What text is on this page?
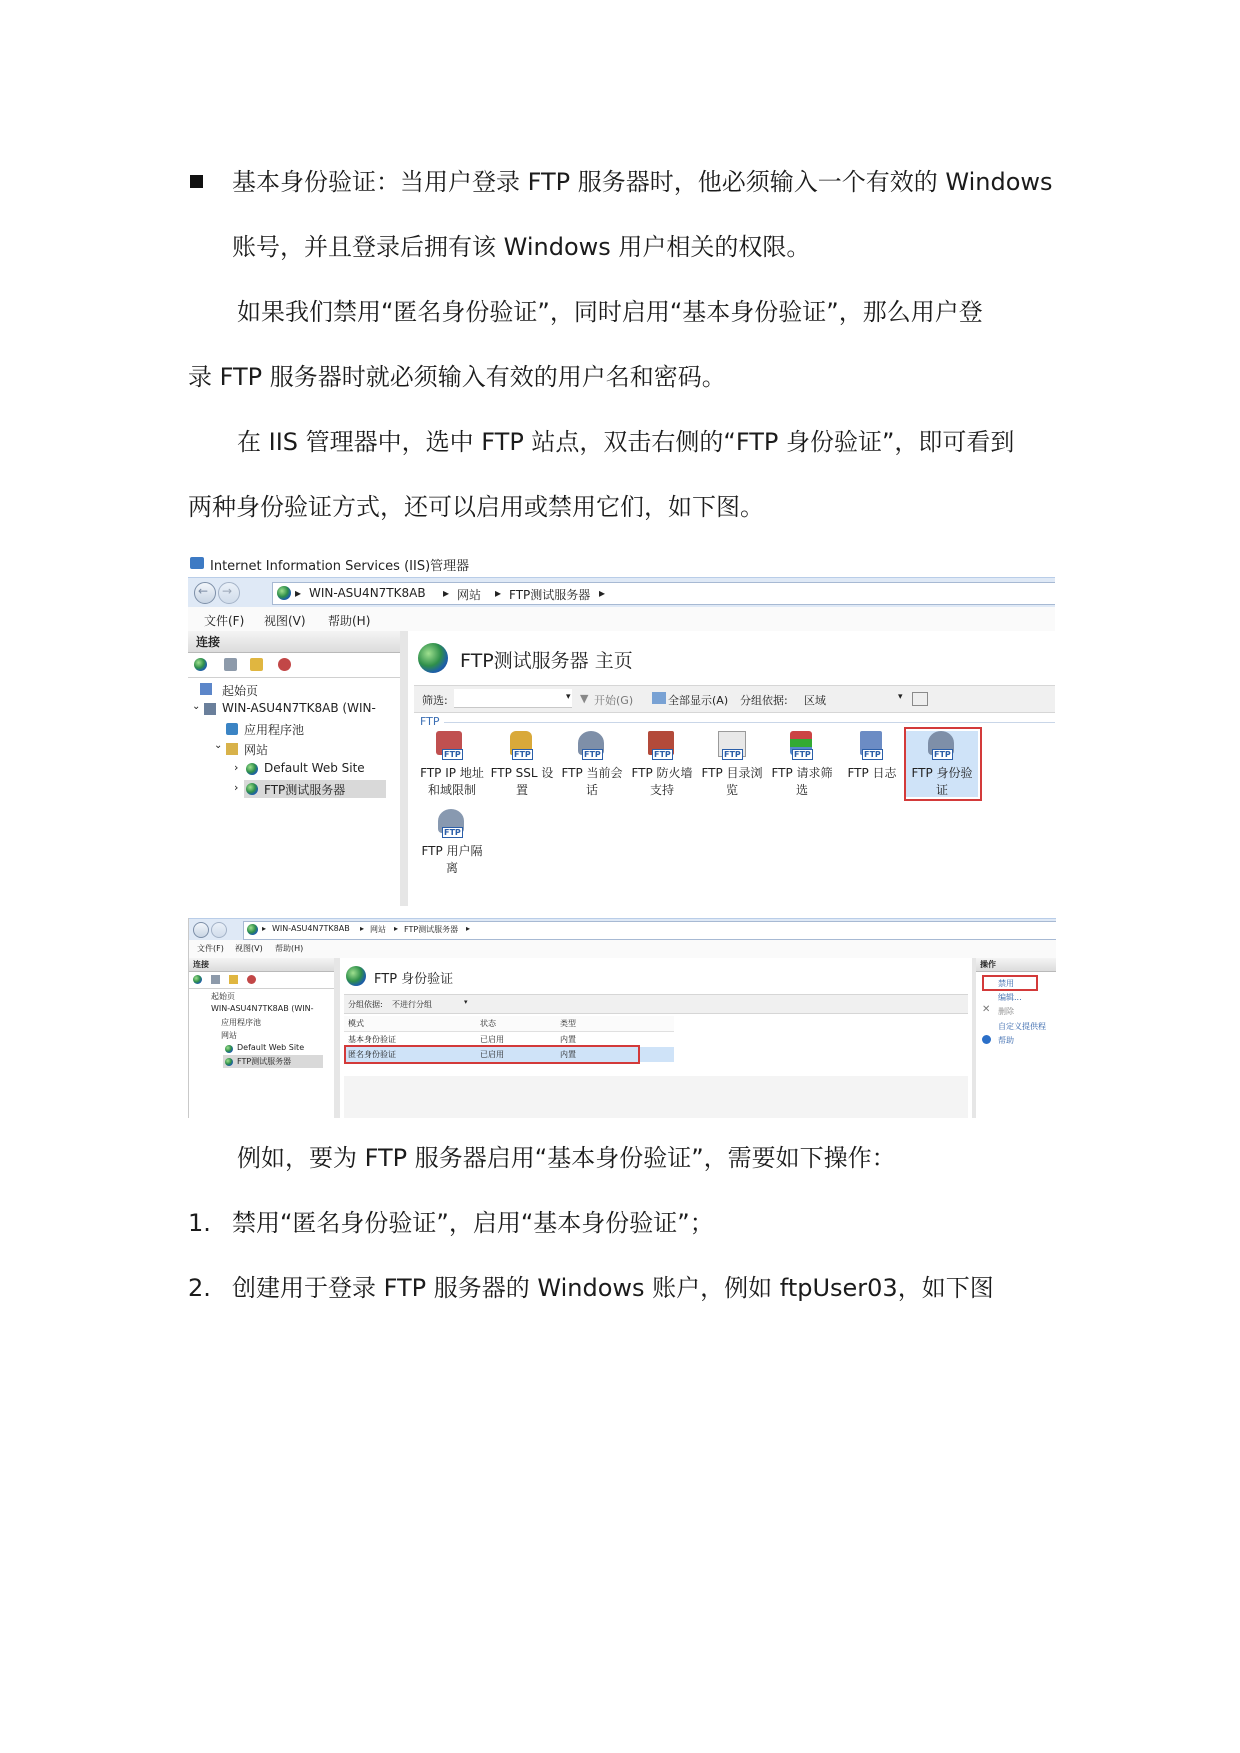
基本身份验证：当用户登录 FTP 服务器时，他必须输入一个有效的 Windows
账号，并且登录后拥有该 Windows 用户相关的权限。
如果我们禁用“匿名身份验证”，同时启用“基本身份验证”，那么用户登
录 FTP 服务器时就必须输入有效的用户名和密码。
在 IIS 管理器中，选中 FTP 站点，双击右侧的“FTP 身份验证”，即可看到
两种身份验证方式，还可以启用或禁用它们，如下图。
Internet Information Services (IIS)管理器
← →	▸ WIN-ASU4N7TK8AB ▸ 网站 ▸ FTP测试服务器 ▸
文件(F) 视图(V) 帮助(H)
连接
起始页
⌄ WIN-ASU4N7TK8AB (WIN-
应用程序池
⌄ 网站
› Default Web Site
› FTP测试服务器
FTP测试服务器 主页
筛选:	▾ ▼ 开始(G)	全部显示(A) 分组依据: 区域	▾
FTP
FTP
FTP IP 地址
和域限制
FTP
FTP SSL 设
置
FTP
FTP 当前会
话
FTP
FTP 防火墙
支持
FTP
FTP 目录浏
览
FTP
FTP 请求筛
选
FTP
FTP 日志
FTP
FTP 身份验
证
FTP
FTP 用户隔
离
▸ WIN-ASU4N7TK8AB ▸ 网站 ▸ FTP测试服务器 ▸
文件(F) 视图(V) 帮助(H)
连接
起始页
WIN-ASU4N7TK8AB (WIN-
应用程序池
网站
Default Web Site
FTP测试服务器
FTP 身份验证
分组依据: 不进行分组	▾
模式	状态	类型
基本身份验证	已启用	内置
匿名身份验证	已启用	内置
操作
禁用
编辑...
✕ 删除
自定义提供程
帮助
例如，要为 FTP 服务器启用“基本身份验证”，需要如下操作：
1. 禁用“匿名身份验证”，启用“基本身份验证”；
2. 创建用于登录 FTP 服务器的 Windows 账户，例如 ftpUser03，如下图
